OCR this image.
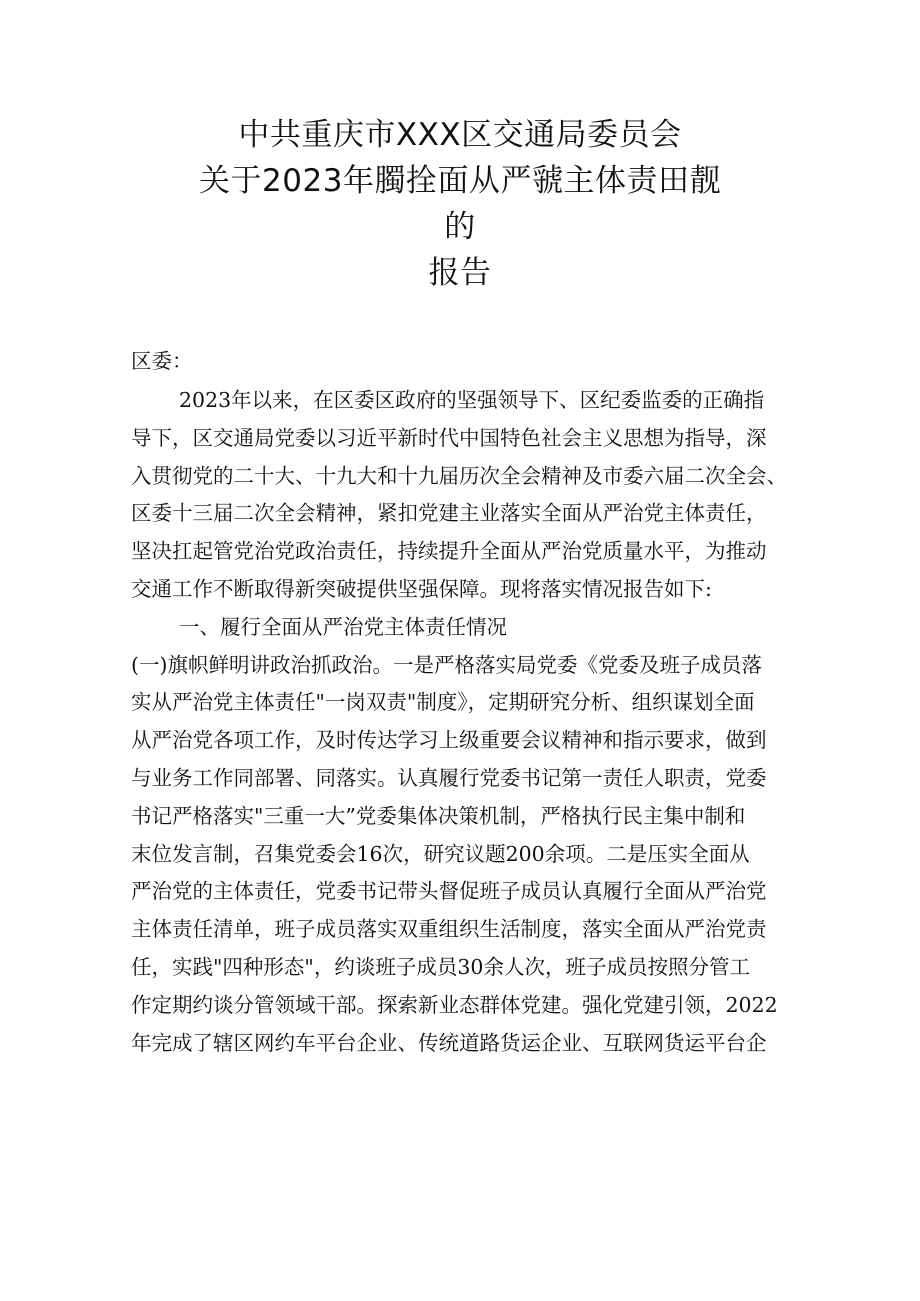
中共重庆市XXX区交通局委员会
关于2023年臅拴面从严虢主体责田靓
的
报告
区委：
2023年以来，在区委区政府的坚强领导下、区纪委监委的正确指
导下，区交通局党委以习近平新时代中国特色社会主义思想为指导，深
入贯彻党的二十大、十九大和十九届历次全会精神及市委六届二次全会、
区委十三届二次全会精神，紧扣党建主业落实全面从严治党主体责任，
坚决扛起管党治党政治责任，持续提升全面从严治党质量水平，为推动
交通工作不断取得新突破提供坚强保障。现将落实情况报告如下:
一、履行全面从严治党主体责任情况
(一)旗帜鲜明讲政治抓政治。一是严格落实局党委《党委及班子成员落
实从严治党主体责任"一岗双责"制度》，定期研究分析、组织谋划全面
从严治党各项工作，及时传达学习上级重要会议精神和指示要求，做到
与业务工作同部署、同落实。认真履行党委书记第一责任人职责，党委
书记严格落实"三重一大”党委集体决策机制，严格执行民主集中制和
末位发言制，召集党委会16次，研究议题200余项。二是压实全面从
严治党的主体责任，党委书记带头督促班子成员认真履行全面从严治党
主体责任清单，班子成员落实双重组织生活制度，落实全面从严治党责
任，实践"四种形态"，约谈班子成员30余人次，班子成员按照分管工
作定期约谈分管领域干部。探索新业态群体党建。强化党建引领，2022
年完成了辖区网约车平台企业、传统道路货运企业、互联网货运平台企
